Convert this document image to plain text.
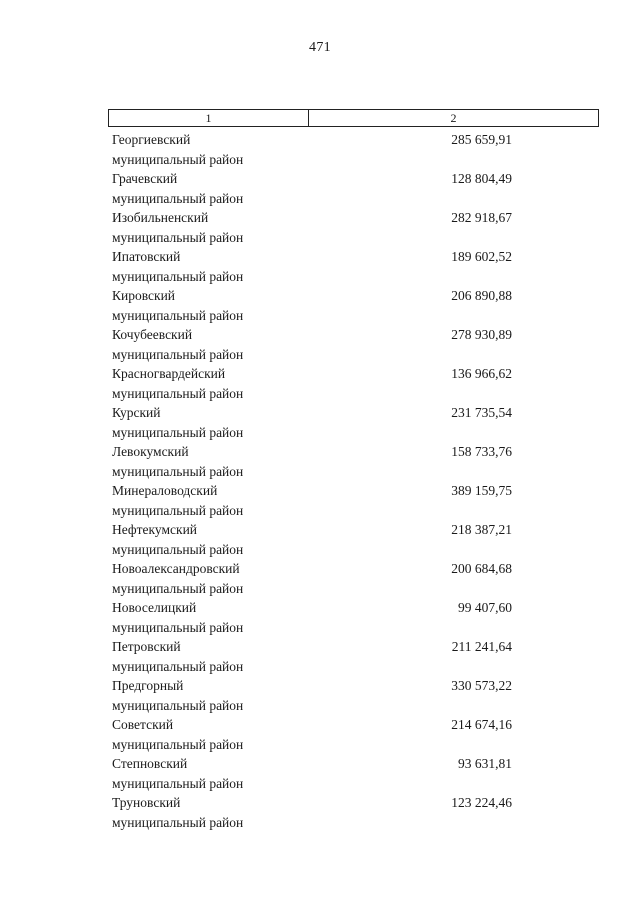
471
1	2
Георгиевский
муниципальный район
285 659,91
Грачевский
муниципальный район
128 804,49
Изобильненский
муниципальный район
282 918,67
Ипатовский
муниципальный район
189 602,52
Кировский
муниципальный район
206 890,88
Кочубеевский
муниципальный район
278 930,89
Красногвардейский
муниципальный район
136 966,62
Курский
муниципальный район
231 735,54
Левокумский
муниципальный район
158 733,76
Минераловодский
муниципальный район
389 159,75
Нефтекумский
муниципальный район
218 387,21
Новоалександровский
муниципальный район
200 684,68
Новоселицкий
муниципальный район
99 407,60
Петровский
муниципальный район
211 241,64
Предгорный
муниципальный район
330 573,22
Советский
муниципальный район
214 674,16
Степновский
муниципальный район
93 631,81
Труновский
муниципальный район
123 224,46
